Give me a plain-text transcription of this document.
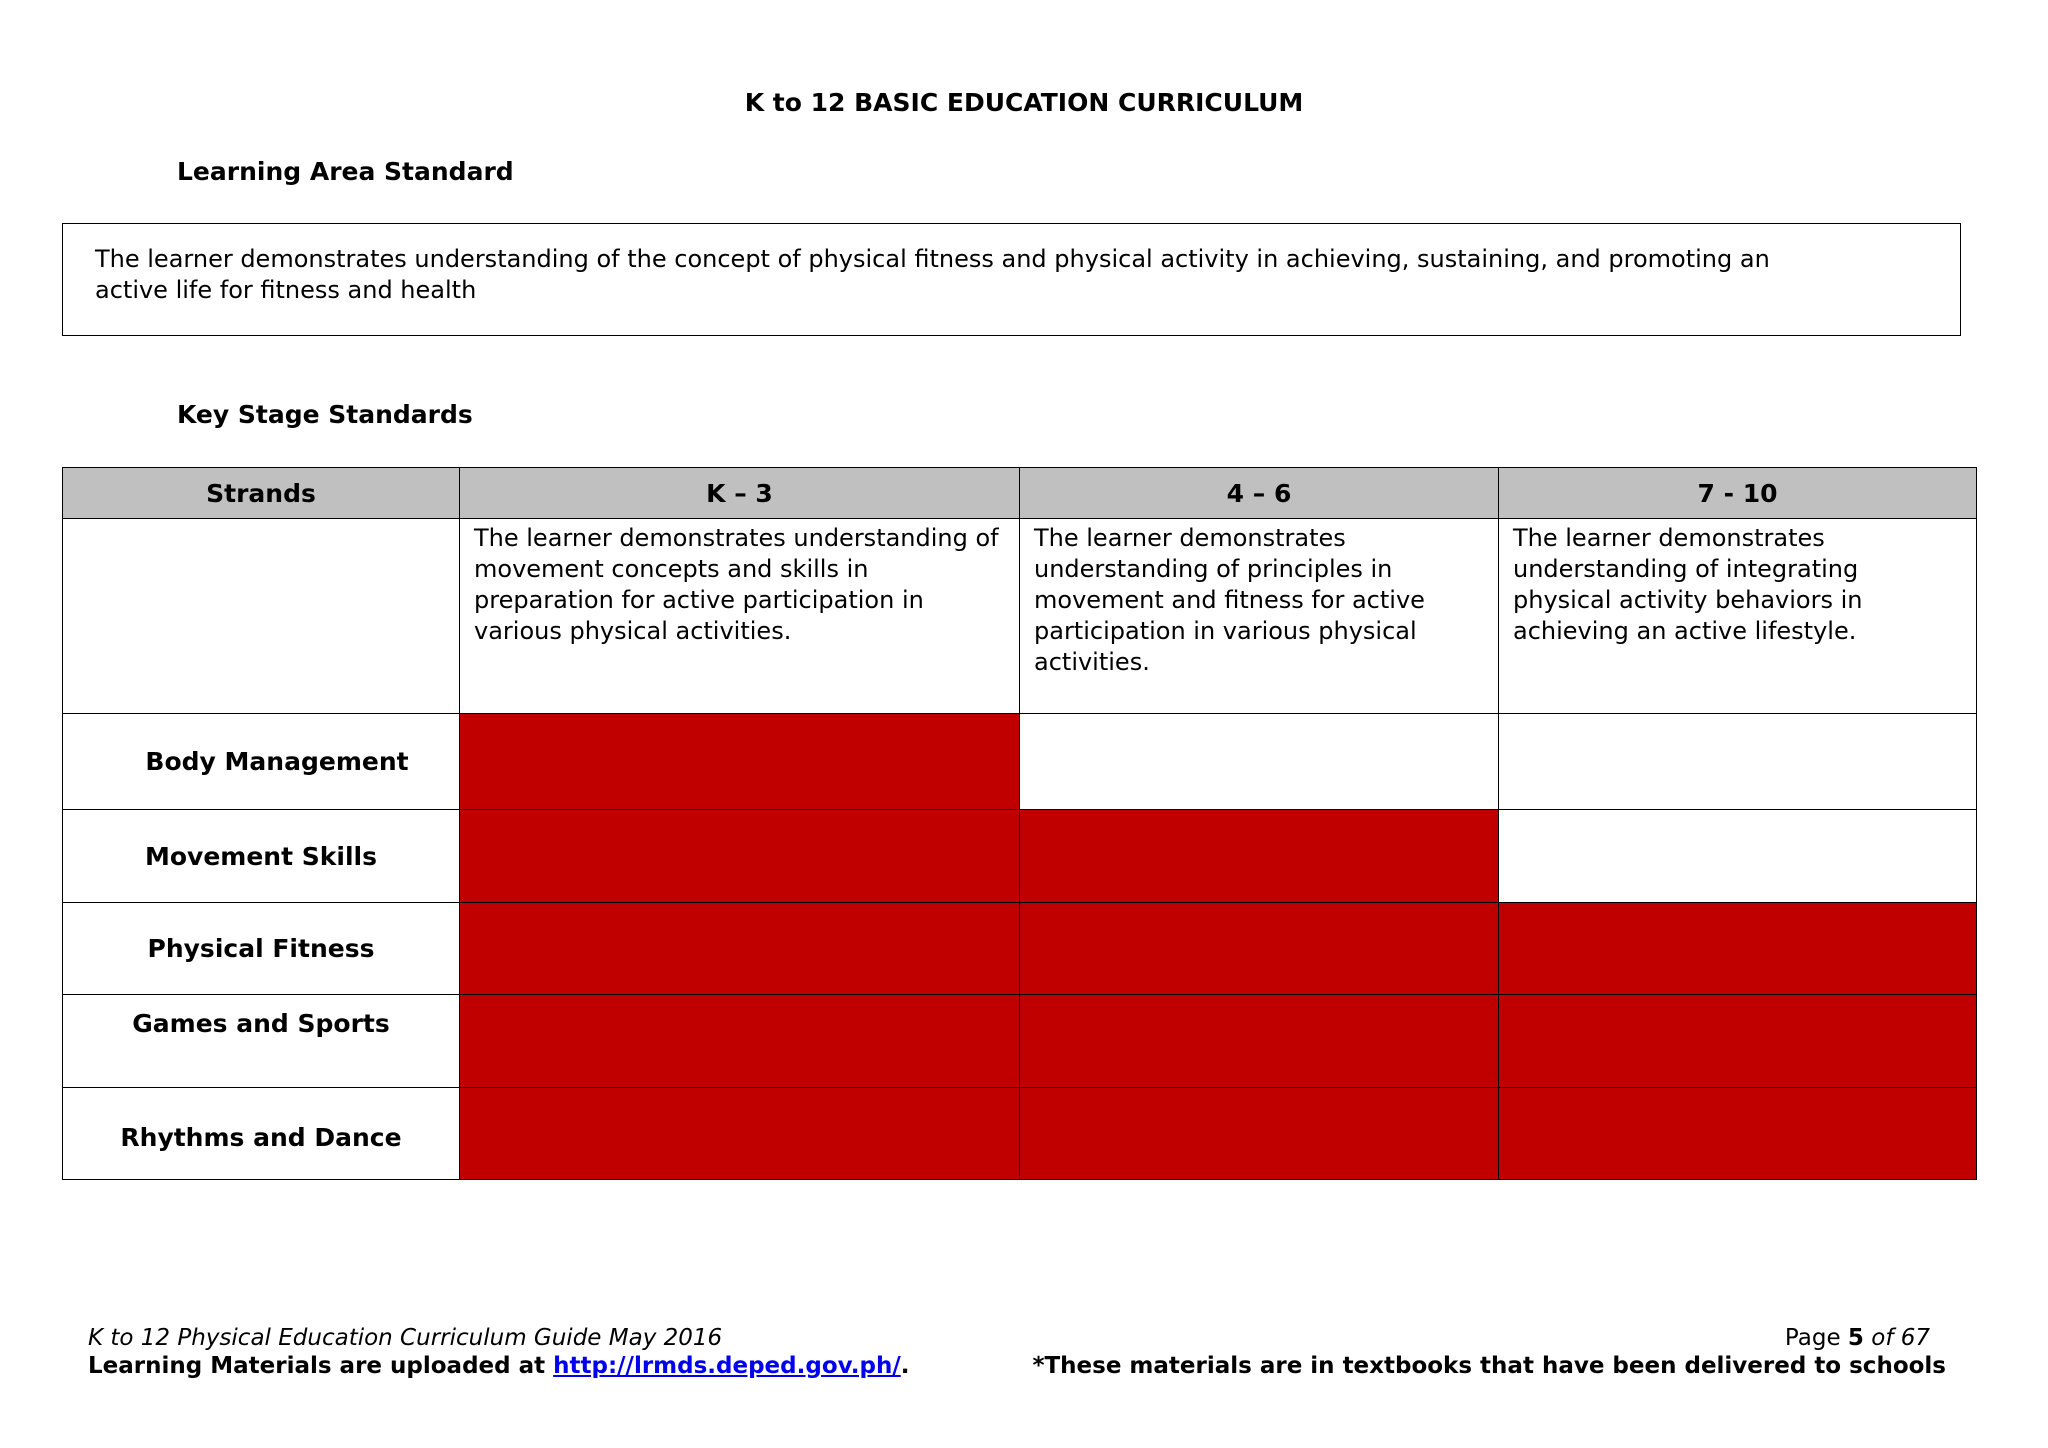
K to 12 BASIC EDUCATION CURRICULUM
Learning Area Standard
The learner demonstrates understanding of the concept of physical fitness and physical activity in achieving, sustaining, and promoting an active life for fitness and health
Key Stage Standards
Strands	K – 3	4 – 6	7 - 10

	The learner demonstrates understanding of movement concepts and skills in preparation for active participation in various physical activities.	The learner demonstrates understanding of principles in movement and fitness for active participation in various physical activities.	The learner demonstrates understanding of integrating physical activity behaviors in achieving an active lifestyle.

Body Management			
Movement Skills			
Physical Fitness			
Games and Sports			
Rhythms and Dance			
K to 12 Physical Education Curriculum Guide May 2016
Learning Materials are uploaded at http://lrmds.deped.gov.ph/.
Page 5 of 67
*These materials are in textbooks that have been delivered to schools
